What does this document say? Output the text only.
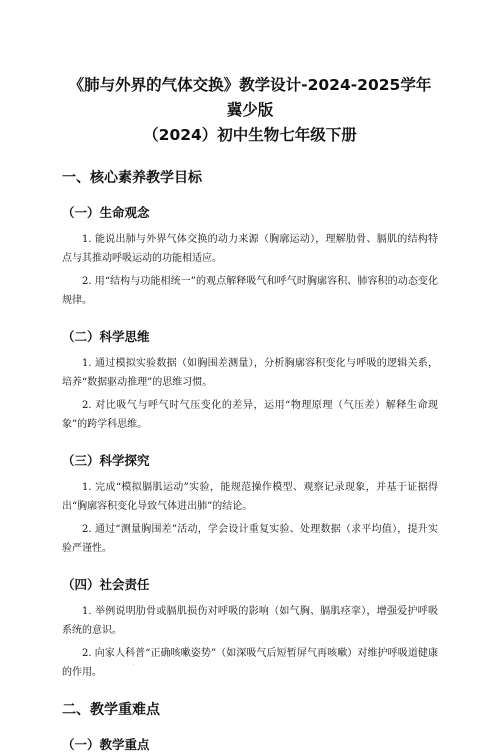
《肺与外界的气体交换》教学设计-2024-2025学年冀少版
（2024）初中生物七年级下册
一、核心素养教学目标
（一）生命观念

1. 能说出肺与外界气体交换的动力来源（胸廓运动），理解肋骨、膈肌的结构特点与其推动呼吸运动的功能相适应。

2. 用“结构与功能相统一”的观点解释吸气和呼气时胸廓容积、肺容积的动态变化规律。

（二）科学思维

1. 通过模拟实验数据（如胸围差测量），分析胸廓容积变化与呼吸的逻辑关系，培养“数据驱动推理”的思维习惯。

2. 对比吸气与呼气时气压变化的差异，运用“物理原理（气压差）解释生命现象”的跨学科思维。

（三）科学探究

1. 完成“模拟膈肌运动”实验，能规范操作模型、观察记录现象，并基于证据得出“胸廓容积变化导致气体进出肺”的结论。

2. 通过“测量胸围差”活动，学会设计重复实验、处理数据（求平均值），提升实验严谨性。

（四）社会责任

1. 举例说明肋骨或膈肌损伤对呼吸的影响（如气胸、膈肌痉挛），增强爱护呼吸系统的意识。

2. 向家人科普“正确咳嗽姿势”（如深吸气后短暂屏气再咳嗽）对维护呼吸道健康的作用。

二、教学重难点
（一）教学重点
